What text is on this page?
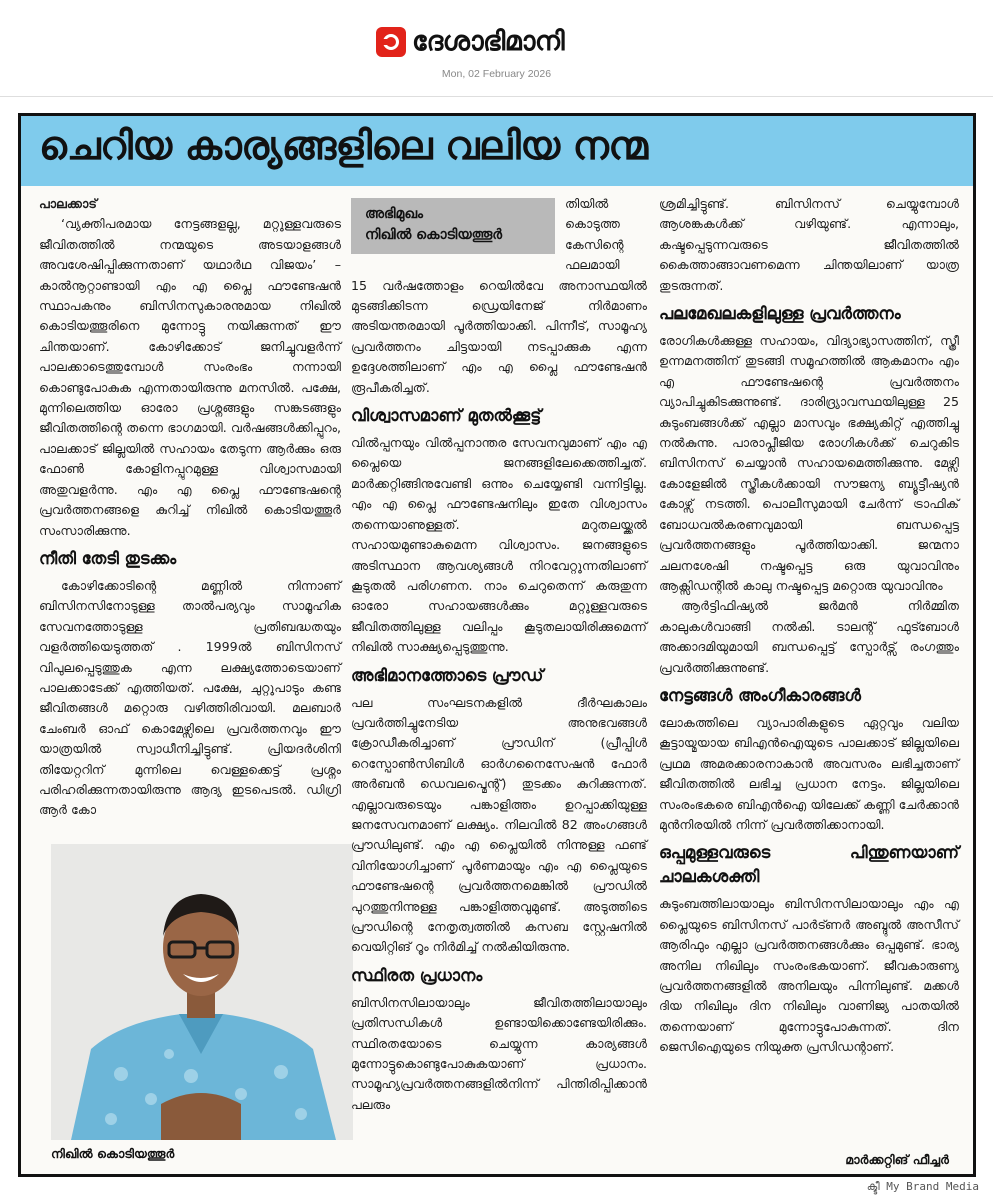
ദേശാഭിമാനി
Mon, 02 February 2026
ചെറിയ കാര്യങ്ങളിലെ വലിയ നന്മ

പാലക്കാട്

‘വ്യക്തിപരമായ നേട്ടങ്ങളല്ല, മറ്റുള്ളവരുടെ ജീവിതത്തിൽ നന്മയുടെ അടയാളങ്ങൾ അവശേഷിപ്പിക്കുന്നതാണ് യഥാർഥ വിജയം’ – കാൽനൂറ്റാണ്ടായി എം എ പ്ലൈ ഫൗണ്ടേഷൻ സ്ഥാപകനും ബിസിനസുകാരനുമായ നിഖിൽ കൊടിയത്തൂരിനെ മുന്നോട്ടു നയിക്കുന്നത് ഈ ചിന്തയാണ്. കോഴിക്കോട് ജനിച്ചുവളർന്ന് പാലക്കാടെത്തുമ്പോൾ സംരംഭം നന്നായി കൊണ്ടുപോകുക എന്നതായിരുന്നു മനസിൽ. പക്ഷേ, മുന്നിലെത്തിയ ഓരോ പ്രശ്നങ്ങളും സങ്കടങ്ങളും ജീവിതത്തിന്റെ തന്നെ ഭാഗമായി. വർഷങ്ങൾക്കിപ്പുറം, പാലക്കാട് ജില്ലയിൽ സഹായം തേടുന്ന ആർക്കും ഒരു ഫോൺ കോളിനപ്പുറമുള്ള വിശ്വാസമായി അതുവളർന്നു. എം എ പ്ലൈ ഫൗണ്ടേഷന്റെ പ്രവർത്തനങ്ങളെ കുറിച്ച് നിഖിൽ കൊടിയത്തൂർ സംസാരിക്കുന്നു.

നീതി തേടി തുടക്കം

കോഴിക്കോടിന്റെ മണ്ണിൽ നിന്നാണ് ബിസിനസിനോടുള്ള താൽപര്യവും സാമൂഹിക സേവനത്തോടുള്ള പ്രതിബദ്ധതയും വളർത്തിയെടുത്തത് . 1999ൽ ബിസിനസ് വിപുലപ്പെടുത്തുക എന്ന ലക്ഷ്യത്തോടെയാണ് പാലക്കാടേക്ക് എത്തിയത്. പക്ഷേ, ചുറ്റുപാടും കണ്ട ജീവിതങ്ങൾ മറ്റൊരു വഴിത്തിരിവായി. മലബാർ ചേംബർ ഓഫ് കൊമേഴ്സിലെ പ്രവർത്തനവും ഈ യാത്രയിൽ സ്വാധീനിച്ചിട്ടുണ്ട്. പ്രിയദർശിനി തിയേറ്ററിന് മുന്നിലെ വെള്ളക്കെട്ട് പ്രശ്നം പരിഹരിക്കുന്നതായിരുന്നു ആദ്യ ഇടപെടൽ. ഡിഗ്രി ആർ കോ

നിഖിൽ കൊടിയത്തൂർ
അഭിമുഖം
നിഖിൽ കൊടിയത്തൂർ

തിയിൽ കൊടുത്ത കേസിന്റെ ഫലമായി

15 വർഷത്തോളം റെയിൽവേ അനാസ്ഥയിൽ മുടങ്ങിക്കിടന്ന ഡ്രെയിനേജ് നിർമാണം അടിയന്തരമായി പൂർത്തിയാക്കി. പിന്നീട്, സാമൂഹ്യ പ്രവർത്തനം ചിട്ടയായി നടപ്പാക്കുക എന്ന ഉദ്ദേശത്തിലാണ് എം എ പ്ലൈ ഫൗണ്ടേഷൻ രൂപീകരിച്ചത്.

വിശ്വാസമാണ് മുതൽക്കൂട്ട്

വിൽപ്പനയും വിൽപ്പനാന്തര സേവനവുമാണ് എം എ പ്ലൈയെ ജനങ്ങളിലേക്കെത്തിച്ചത്. മാർക്കറ്റിങ്ങിനുവേണ്ടി ഒന്നും ചെയ്യേണ്ടി വന്നിട്ടില്ല. എം എ പ്ലൈ ഫൗണ്ടേഷനിലും ഇതേ വിശ്വാസം തന്നെയാണുള്ളത്. മറുതലയ്ക്കൽ സഹായമുണ്ടാകുമെന്ന വിശ്വാസം. ജനങ്ങളുടെ അടിസ്ഥാന ആവശ്യങ്ങൾ നിറവേറ്റുന്നതിലാണ് കൂടുതൽ പരിഗണന. നാം ചെറുതെന്ന് കരുതുന്ന ഓരോ സഹായങ്ങൾക്കും മറ്റുള്ളവരുടെ ജീവിതത്തിലുള്ള വലിപ്പം കൂടുതലായിരിക്കുമെന്ന് നിഖിൽ സാക്ഷ്യപ്പെടുത്തുന്നു.

അഭിമാനത്തോടെ പ്രൗഡ്

പല സംഘടനകളിൽ ദീർഘകാലം പ്രവർത്തിച്ചുനേടിയ അനുഭവങ്ങൾ ക്രോഡീകരിച്ചാണ് പ്രൗഡിന് (പ്രീപ്പിൾ റെസ്പോൺസിബിൾ ഓർഗനൈസേഷൻ ഫോർ അർബൻ ഡെവലപ്മെന്റ്) തുടക്കം കുറിക്കുന്നത്. എല്ലാവരുടെയും പങ്കാളിത്തം ഉറപ്പാക്കിയുള്ള ജനസേവനമാണ് ലക്ഷ്യം. നിലവിൽ 82 അംഗങ്ങൾ പ്രൗഡിലുണ്ട്. എം എ പ്ലൈയിൽ നിന്നുള്ള ഫണ്ട് വിനിയോഗിച്ചാണ് പൂർണമായും എം എ പ്ലൈയുടെ ഫൗണ്ടേഷന്റെ പ്രവർത്തനമെങ്കിൽ പ്രൗഡിൽ പുറത്തുനിന്നുള്ള പങ്കാളിത്തവുമുണ്ട്. അടുത്തിടെ പ്രൗഡിന്റെ നേതൃത്വത്തിൽ കസബ സ്റ്റേഷനിൽ വെയിറ്റിങ് റൂം നിർമിച്ച് നൽകിയിരുന്നു.

സ്ഥിരത പ്രധാനം

ബിസിനസിലായാലും ജീവിതത്തിലായാലും പ്രതിസന്ധികൾ ഉണ്ടായിക്കൊണ്ടേയിരിക്കും. സ്ഥിരതയോടെ ചെയ്യുന്ന കാര്യങ്ങൾ മുന്നോട്ടുകൊണ്ടുപോകുകയാണ് പ്രധാനം. സാമൂഹ്യപ്രവർത്തനങ്ങളിൽനിന്ന് പിന്തിരിപ്പിക്കാൻ പലരും

ശ്രമിച്ചിട്ടുണ്ട്. ബിസിനസ് ചെയ്യുമ്പോൾ ആശങ്കകൾക്ക് വഴിയുണ്ട്. എന്നാലും, കഷ്ടപ്പെടുന്നവരുടെ ജീവിതത്തിൽ കൈത്താങ്ങാവണമെന്ന ചിന്തയിലാണ് യാത്ര തുടരുന്നത്.

പലമേഖലകളിലുള്ള പ്രവർത്തനം

രോഗികൾക്കുള്ള സഹായം, വിദ്യാഭ്യാസത്തിന്, സ്ത്രീ ഉന്നമനത്തിന് തുടങ്ങി സമൂഹത്തിൽ ആകമാനം എം എ ഫൗണ്ടേഷന്റെ പ്രവർത്തനം വ്യാപിച്ചുകിടക്കുന്നുണ്ട്. ദാരിദ്ര്യാവസ്ഥയിലുള്ള 25 കുടുംബങ്ങൾക്ക് എല്ലാ മാസവും ഭക്ഷ്യകിറ്റ് എത്തിച്ചു നൽകുന്നു. പാരാപ്ലീജിയ രോഗികൾക്ക് ചെറുകിട ബിസിനസ് ചെയ്യാൻ സഹായമെത്തിക്കുന്നു. മേഴ്സി കോളേജിൽ സ്ത്രീകൾക്കായി സൗജന്യ ബ്യൂട്ടീഷ്യൻ കോഴ്സ് നടത്തി. പൊലീസുമായി ചേർന്ന് ട്രാഫിക് ബോധവൽകരണവുമായി ബന്ധപ്പെട്ട പ്രവർത്തനങ്ങളും പൂർത്തിയാക്കി. ജന്മനാ ചലനശേഷി നഷ്ടപ്പെട്ട ഒരു യുവാവിനും ആക്സിഡന്റിൽ കാലു നഷ്ടപ്പെട്ട മറ്റൊരു യുവാവിനും

ആർട്ടിഫിഷ്യൽ ജർമൻ നിർമ്മിത കാലുകൾവാങ്ങി നൽകി. ടാലന്റ് ഫുട്ബോൾ അക്കാദമിയുമായി ബന്ധപ്പെട്ട് സ്പോർട്സ് രംഗത്തും പ്രവർത്തിക്കുന്നുണ്ട്.

നേട്ടങ്ങൾ അംഗീകാരങ്ങൾ

ലോകത്തിലെ വ്യാപാരികളുടെ ഏറ്റവും വലിയ കൂട്ടായ്മയായ ബിഎൻഐയുടെ പാലക്കാട് ജില്ലയിലെ പ്രഥമ അമരക്കാരനാകാൻ അവസരം ലഭിച്ചതാണ് ജീവിതത്തിൽ ലഭിച്ച പ്രധാന നേട്ടം. ജില്ലയിലെ സംരംഭകരെ ബിഎൻഐ യിലേക്ക് കണ്ണി ചേർക്കാൻ മുൻനിരയിൽ നിന്ന് പ്രവർത്തിക്കാനായി.

ഒപ്പമുള്ളവരുടെ പിന്തുണയാണ് ചാലകശക്തി

കുടുംബത്തിലായാലും ബിസിനസിലായാലും എം എ പ്ലൈയുടെ ബിസിനസ് പാർട്ണർ അബ്ദുൽ അസീസ് ആരിഫും എല്ലാ പ്രവർത്തനങ്ങൾക്കും ഒപ്പമുണ്ട്. ഭാര്യ അനില നിഖിലും സംരംഭകയാണ്. ജീവകാരുണ്യ പ്രവർത്തനങ്ങളിൽ അനിലയും പിന്നിലുണ്ട്. മക്കൾ ദിയ നിഖിലും ദിന നിഖിലും വാണിജ്യ പാതയിൽ തന്നെയാണ് മുന്നോട്ടുപോകുന്നത്. ദിന ജെസിഐയുടെ നിയുക്ത പ്രസിഡന്റാണ്.

മാർക്കറ്റിങ് ഫീച്ചർ
ക്ടീ My Brand Media
